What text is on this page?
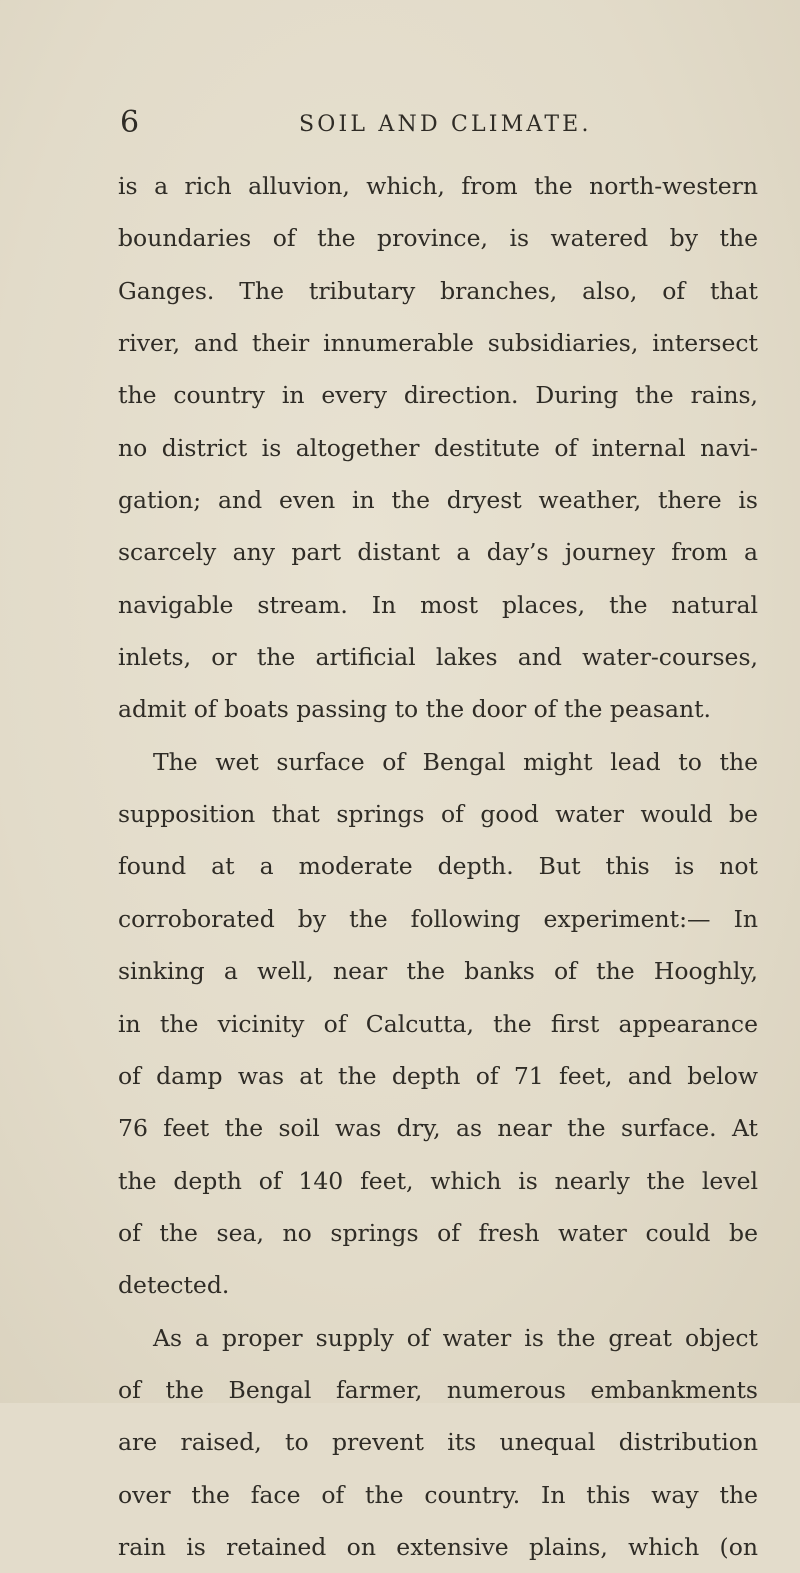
6	SOIL AND CLIMATE.
is a rich alluvion, which, from the north-western
boundaries of the province, is watered by the
Ganges. The tributary branches, also, of that
river, and their innumerable subsidiaries, intersect
the country in every direction. During the rains,
no district is altogether destitute of internal navi-
gation; and even in the dryest weather, there is
scarcely any part distant a day’s journey from a
navigable stream. In most places, the natural
inlets, or the artificial lakes and water-courses,
admit of boats passing to the door of the peasant.
The wet surface of Bengal might lead to the
supposition that springs of good water would be
found at a moderate depth. But this is not
corroborated by the following experiment:— In
sinking a well, near the banks of the Hooghly,
in the vicinity of Calcutta, the first appearance
of damp was at the depth of 71 feet, and below
76 feet the soil was dry, as near the surface. At
the depth of 140 feet, which is nearly the level
of the sea, no springs of fresh water could be
detected.
As a proper supply of water is the great object
of the Bengal farmer, numerous embankments
are raised, to prevent its unequal distribution
over the face of the country. In this way the
rain is retained on extensive plains, which (on
